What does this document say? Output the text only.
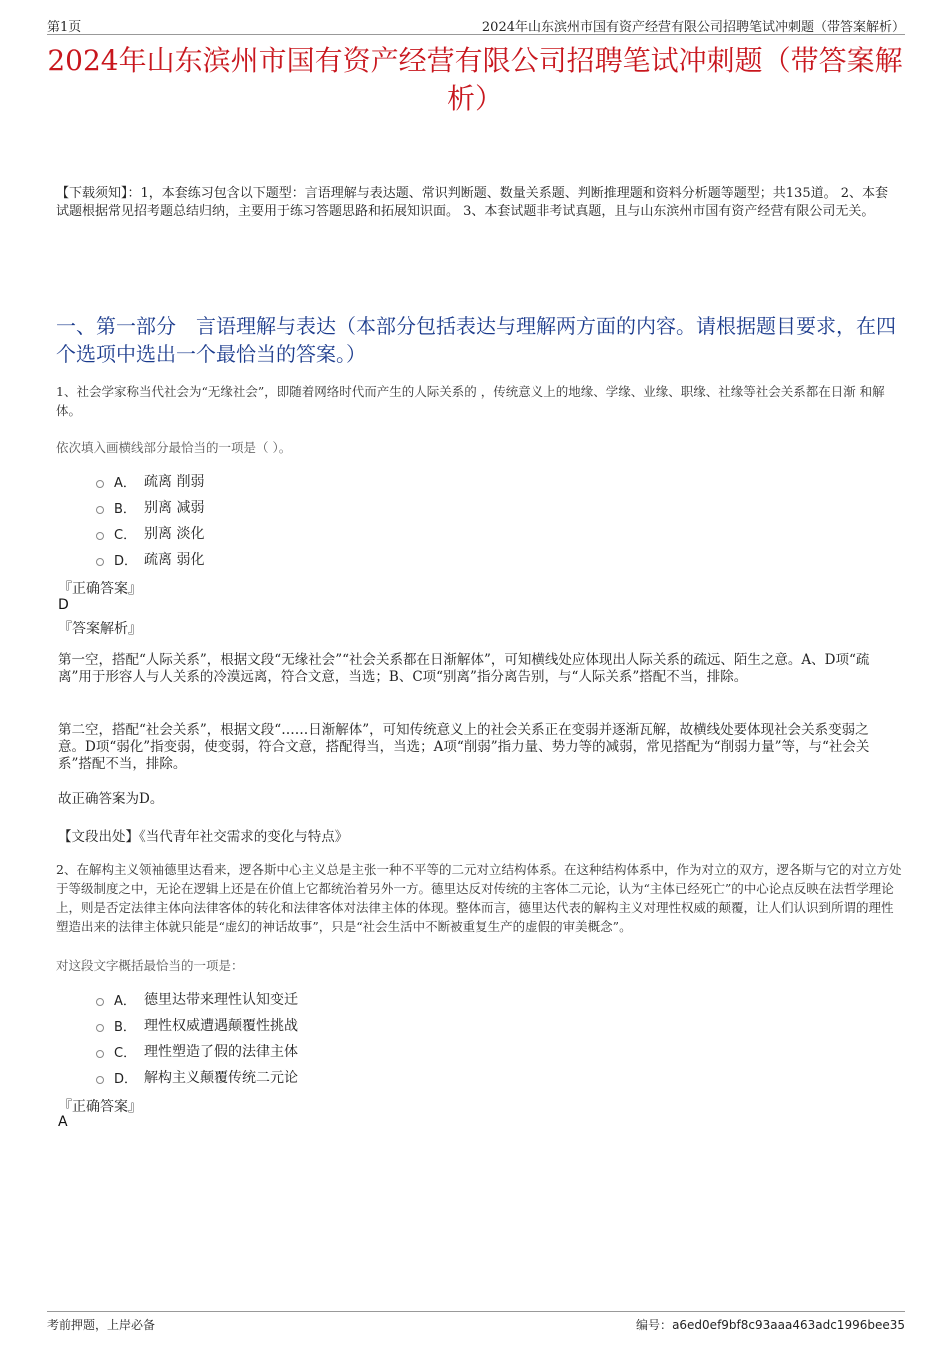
第1页	2024年山东滨州市国有资产经营有限公司招聘笔试冲刺题（带答案解析）
2024年山东滨州市国有资产经营有限公司招聘笔试冲刺题（带答案解析）
【下载须知】：1，本套练习包含以下题型：言语理解与表达题、常识判断题、数量关系题、判断推理题和资料分析题等题型；共135道。 2、本套试题根据常见招考题总结归纳，主要用于练习答题思路和拓展知识面。 3、本套试题非考试真题，且与山东滨州市国有资产经营有限公司无关。
一、第一部分　言语理解与表达（本部分包括表达与理解两方面的内容。请根据题目要求，在四个选项中选出一个最恰当的答案。）
1、社会学家称当代社会为“无缘社会”，即随着网络时代而产生的人际关系的 ，传统意义上的地缘、学缘、业缘、职缘、社缘等社会关系都在日渐 和解体。
依次填入画横线部分最恰当的一项是（ ）。
A． 疏离 削弱
B． 别离 减弱
C． 别离 淡化
D． 疏离 弱化
『正确答案』
D
『答案解析』
第一空，搭配“人际关系”，根据文段“无缘社会”“社会关系都在日渐解体”，可知横线处应体现出人际关系的疏远、陌生之意。A、D项“疏离”用于形容人与人关系的冷漠远离，符合文意，当选；B、C项“别离”指分离告别，与“人际关系”搭配不当，排除。
第二空，搭配“社会关系”，根据文段“……日渐解体”，可知传统意义上的社会关系正在变弱并逐渐瓦解，故横线处要体现社会关系变弱之意。D项“弱化”指变弱，使变弱，符合文意，搭配得当，当选；A项“削弱”指力量、势力等的减弱，常见搭配为“削弱力量”等，与“社会关系”搭配不当，排除。
故正确答案为D。
【文段出处】《当代青年社交需求的变化与特点》
2、在解构主义领袖德里达看来，逻各斯中心主义总是主张一种不平等的二元对立结构体系。在这种结构体系中，作为对立的双方，逻各斯与它的对立方处于等级制度之中，无论在逻辑上还是在价值上它都统治着另外一方。德里达反对传统的主客体二元论，认为“主体已经死亡”的中心论点反映在法哲学理论上，则是否定法律主体向法律客体的转化和法律客体对法律主体的体现。整体而言，德里达代表的解构主义对理性权威的颠覆，让人们认识到所谓的理性塑造出来的法律主体就只能是“虚幻的神话故事”，只是“社会生活中不断被重复生产的虚假的审美概念”。
对这段文字概括最恰当的一项是：
A． 德里达带来理性认知变迁
B． 理性权威遭遇颠覆性挑战
C． 理性塑造了假的法律主体
D． 解构主义颠覆传统二元论
『正确答案』
A
考前押题，上岸必备	编号：a6ed0ef9bf8c93aaa463adc1996bee35
